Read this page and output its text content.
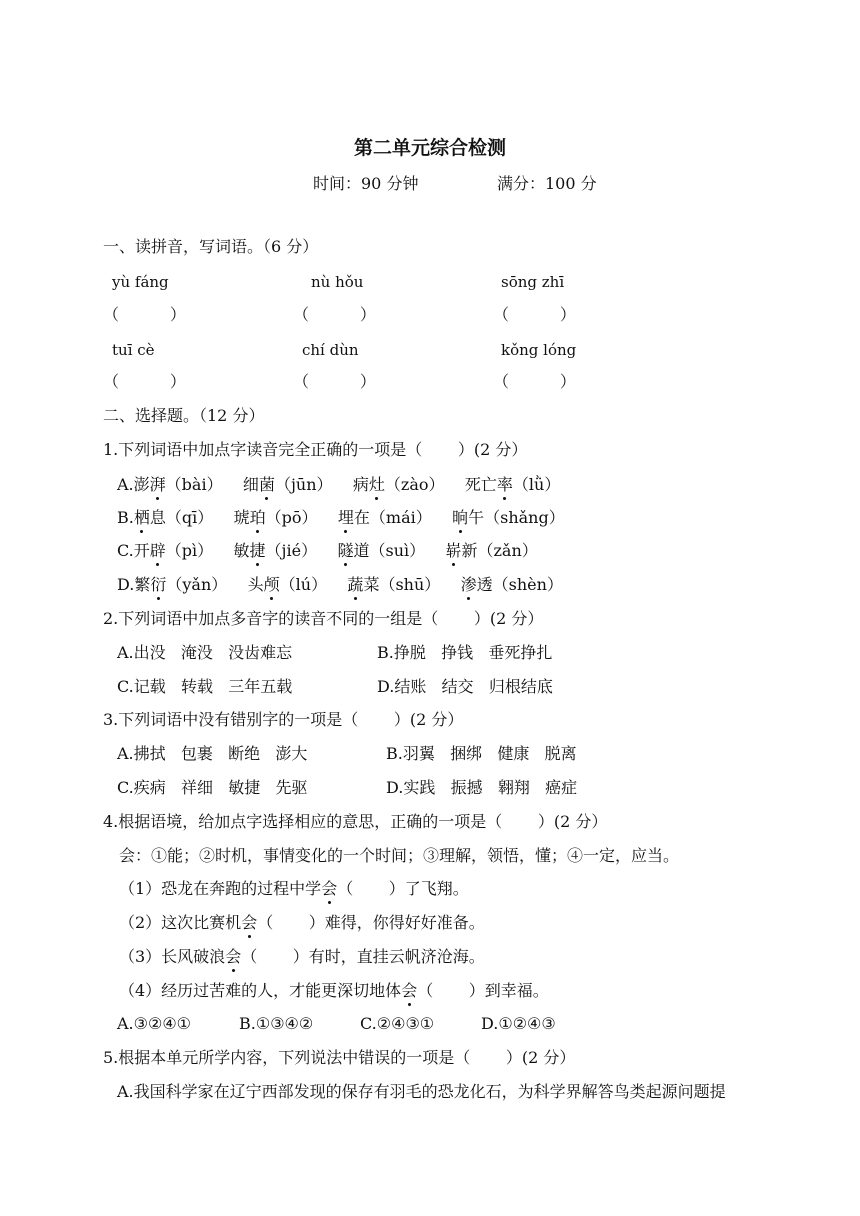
第二单元综合检测
时间：90 分钟	满分：100 分
一、读拼音，写词语。（6 分）
yù fáng	nù hǒu	sōng zhī
（          ）	（          ）	（          ）
tuī cè	chí dùn	kǒng lóng
（          ）	（          ）	（          ）
二、选择题。（12 分）
1.下列词语中加点字读音完全正确的一项是（       ）(2 分）
A.澎湃（bài） 细菌（jūn） 病灶（zào） 死亡率（lǜ）
B.栖息（qī） 琥珀（pō） 埋在（mái） 晌午（shǎng）
C.开辟（pì） 敏捷（jié） 隧道（suì） 崭新（zǎn）
D.繁衍（yǎn） 头颅（lú） 蔬菜（shū） 渗透（shèn）
2.下列词语中加点多音字的读音不同的一组是（       ）(2 分）
A.出没   淹没   没齿难忘	B.挣脱   挣钱   垂死挣扎
C.记载   转载   三年五载	D.结账   结交   归根结底
3.下列词语中没有错别字的一项是（       ）(2 分）
A.拂拭   包裹   断绝   澎大	B.羽翼   捆绑   健康   脱离
C.疾病   祥细   敏捷   先驱	D.实践   振撼   翱翔   癌症
4.根据语境，给加点字选择相应的意思，正确的一项是（       ）(2 分）
会：①能；②时机，事情变化的一个时间；③理解，领悟，懂；④一定，应当。
（1）恐龙在奔跑的过程中学会（       ）了飞翔。
（2）这次比赛机会（       ）难得，你得好好准备。
（3）长风破浪会（       ）有时，直挂云帆济沧海。
（4）经历过苦难的人，才能更深切地体会（       ）到幸福。
A.③②④①	B.①③④②	C.②④③①	D.①②④③
5.根据本单元所学内容，下列说法中错误的一项是（       ）(2 分）
A.我国科学家在辽宁西部发现的保存有羽毛的恐龙化石，为科学界解答鸟类起源问题提
